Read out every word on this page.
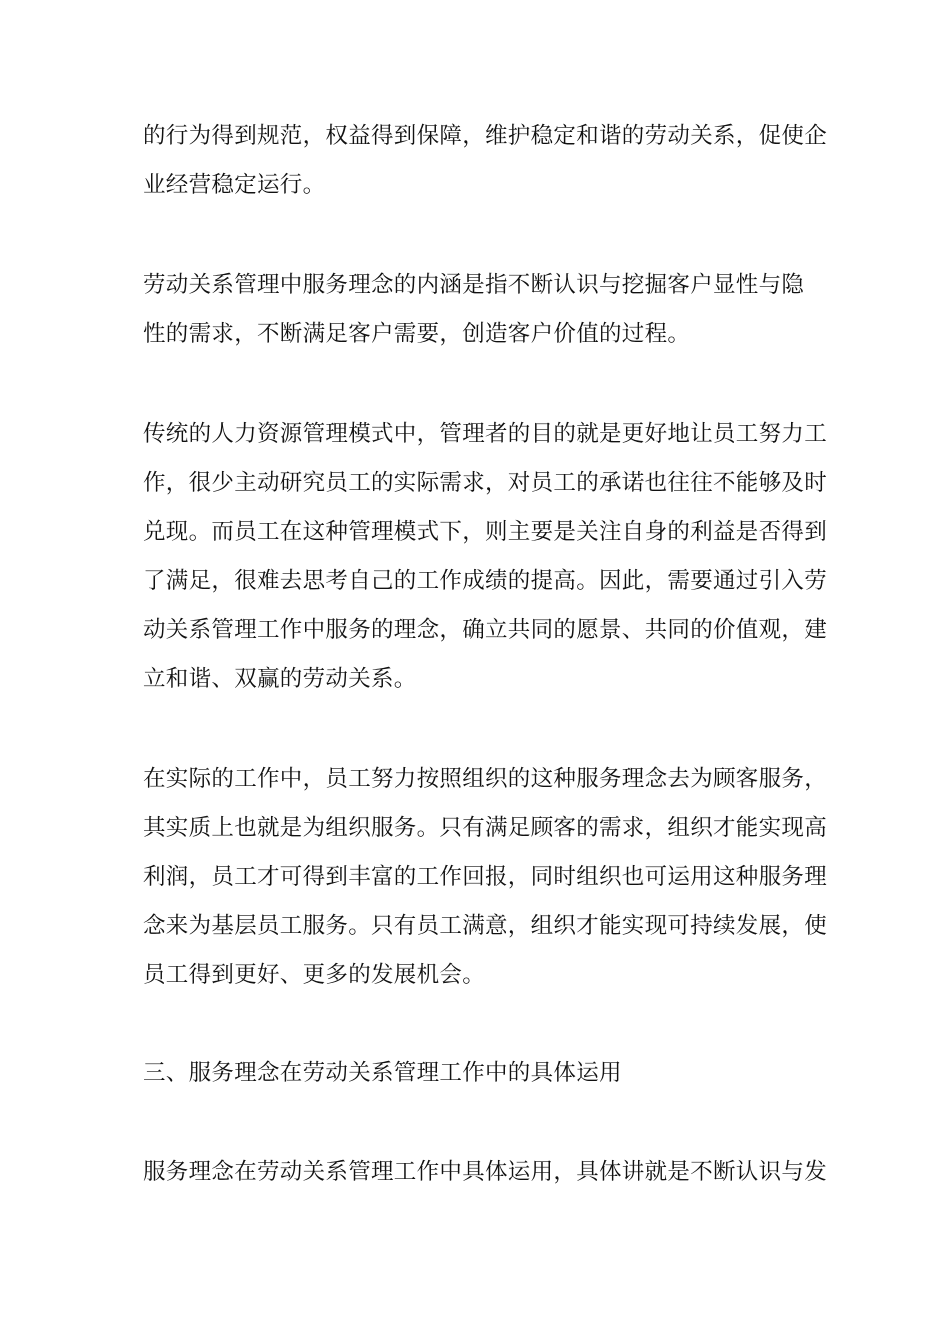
的行为得到规范，权益得到保障，维护稳定和谐的劳动关系，促使企
业经营稳定运行。

劳动关系管理中服务理念的内涵是指不断认识与挖掘客户显性与隐
性的需求，不断满足客户需要，创造客户价值的过程。

传统的人力资源管理模式中，管理者的目的就是更好地让员工努力工
作，很少主动研究员工的实际需求，对员工的承诺也往往不能够及时
兑现。而员工在这种管理模式下，则主要是关注自身的利益是否得到
了满足，很难去思考自己的工作成绩的提高。因此，需要通过引入劳
动关系管理工作中服务的理念，确立共同的愿景、共同的价值观，建
立和谐、双赢的劳动关系。

在实际的工作中，员工努力按照组织的这种服务理念去为顾客服务，
其实质上也就是为组织服务。只有满足顾客的需求，组织才能实现高
利润，员工才可得到丰富的工作回报，同时组织也可运用这种服务理
念来为基层员工服务。只有员工满意，组织才能实现可持续发展，使
员工得到更好、更多的发展机会。

三、服务理念在劳动关系管理工作中的具体运用

服务理念在劳动关系管理工作中具体运用，具体讲就是不断认识与发
